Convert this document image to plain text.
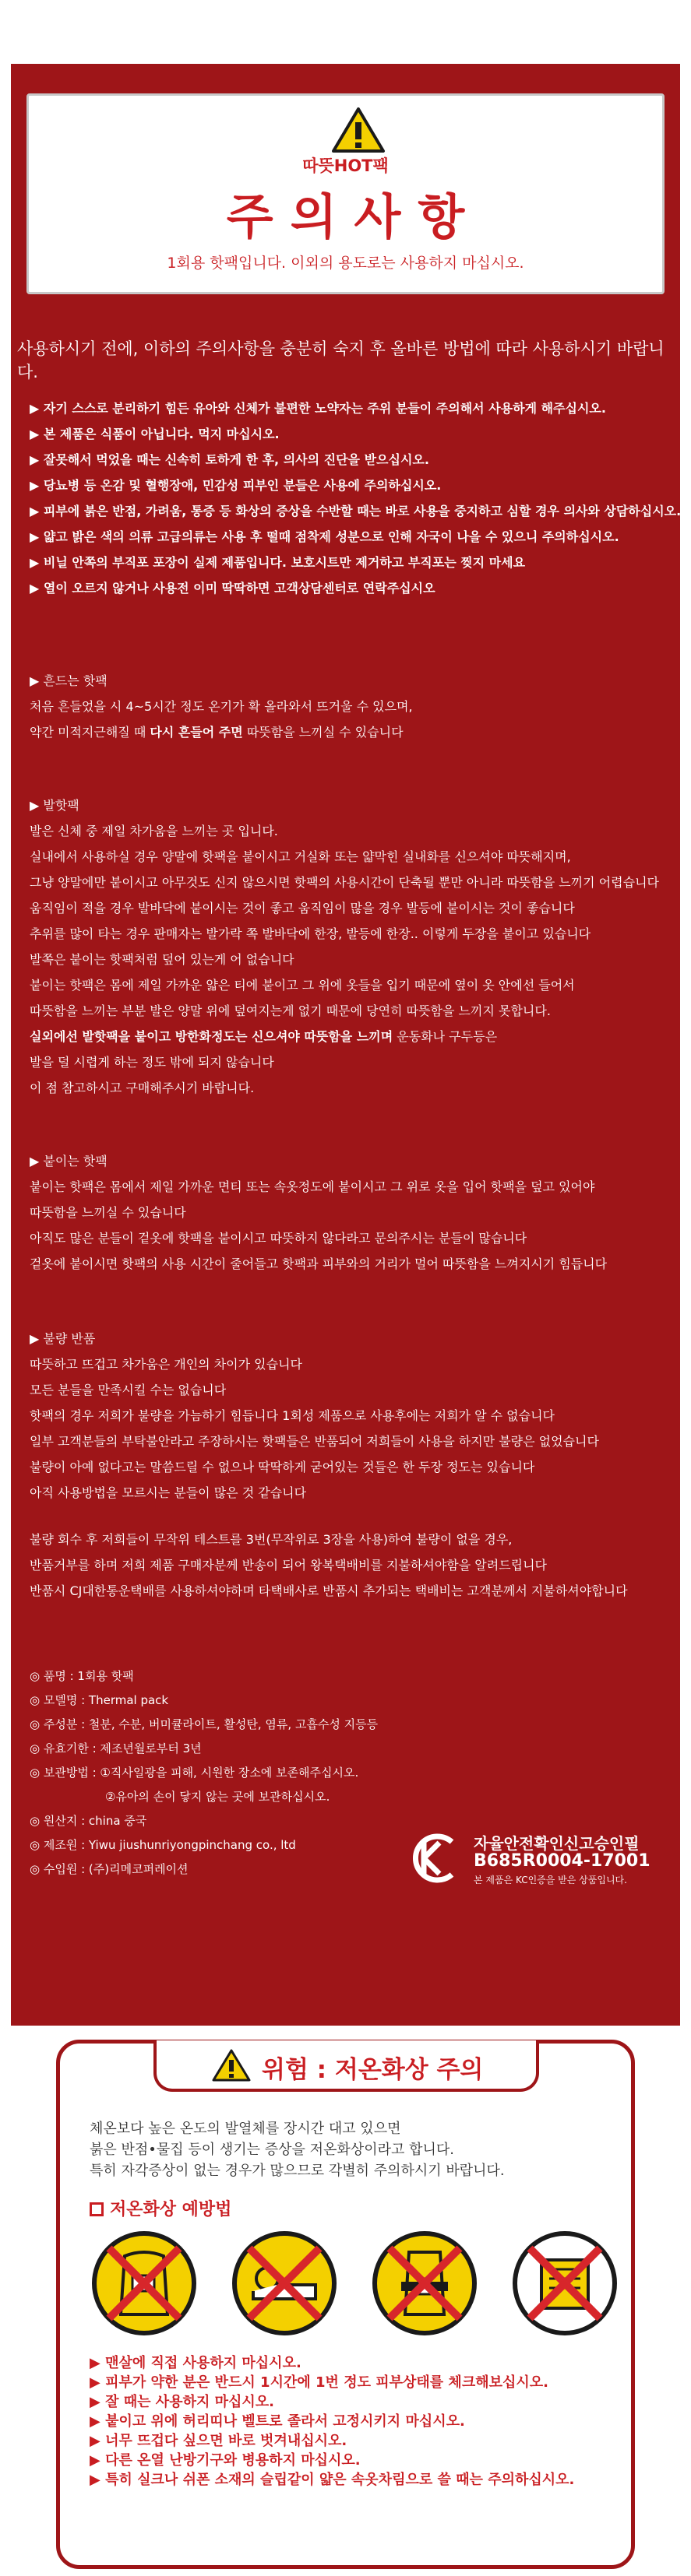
따뜻HOT팩
주의사항
1회용 핫팩입니다. 이외의 용도로는 사용하지 마십시오.
사용하시기 전에, 이하의 주의사항을 충분히 숙지 후 올바른 방법에 따라 사용하시기 바랍니다.

▶ 자기 스스로 분리하기 힘든 유아와 신체가 불편한 노약자는 주위 분들이 주의해서 사용하게 해주십시오.

▶ 본 제품은 식품이 아닙니다. 먹지 마십시오.

▶ 잘못해서 먹었을 때는 신속히 토하게 한 후, 의사의 진단을 받으십시오.

▶ 당뇨병 등 온감 및 혈행장애, 민감성 피부인 분들은 사용에 주의하십시오.

▶ 피부에 붉은 반점, 가려움, 통증 등 화상의 증상을 수반할 때는 바로 사용을 중지하고 심할 경우 의사와 상담하십시오.

▶ 얇고 밝은 색의 의류 고급의류는 사용 후 떨때 점착제 성분으로 인해 자국이 나을 수 있으니 주의하십시오.

▶ 비닐 안쪽의 부직포 포장이 실제 제품입니다. 보호시트만 제거하고 부직포는 찢지 마세요

▶ 열이 오르지 않거나 사용전 이미 딱딱하면 고객상담센터로 연락주십시오

▶ 흔드는 핫팩

처음 흔들었을 시 4~5시간 정도 온기가 확 올라와서 뜨거울 수 있으며,

약간 미적지근해질 때 다시 흔들어 주면 따뜻함을 느끼실 수 있습니다

▶ 발핫팩

발은 신체 중 제일 차가움을 느끼는 곳 입니다.

실내에서 사용하실 경우 양말에 핫팩을 붙이시고 거실화 또는 얇막힌 실내화를 신으셔야 따뜻해지며,

그냥 양말에만 붙이시고 아무것도 신지 않으시면 핫팩의 사용시간이 단축될 뿐만 아니라 따뜻함을 느끼기 어렵습니다

움직임이 적을 경우 발바닥에 붙이시는 것이 좋고 움직임이 많을 경우 발등에 붙이시는 것이 좋습니다

추위를 많이 타는 경우 판매자는 발가락 쪽 발바닥에 한장, 발등에 한장.. 이렇게 두장을 붙이고 있습니다

발쪽은 붙이는 핫팩처럼 덮어 있는게 어 없습니다

붙이는 핫팩은 몸에 제일 가까운 얇은 티에 붙이고 그 위에 옷들을 입기 때문에 옆이 옷 안에선 들어서

따뜻함을 느끼는 부분 발은 양말 위에 덮여지는게 없기 때문에 당연히 따뜻함을 느끼지 못합니다.

실외에선 발핫팩을 붙이고 방한화정도는 신으셔야 따뜻함을 느끼며 운동화나 구두등은

발을 덜 시렵게 하는 정도 밖에 되지 않습니다

이 점 참고하시고 구매해주시기 바랍니다.

▶ 붙이는 핫팩

붙이는 핫팩은 몸에서 제일 가까운 면티 또는 속옷정도에 붙이시고 그 위로 옷을 입어 핫팩을 덮고 있어야

따뜻함을 느끼실 수 있습니다

아직도 많은 분들이 겉옷에 핫팩을 붙이시고 따뜻하지 않다라고 문의주시는 분들이 많습니다

겉옷에 붙이시면 핫팩의 사용 시간이 줄어들고 핫팩과 피부와의 거리가 멀어 따뜻함을 느껴지시기 힘듭니다

▶ 불량 반품

따뜻하고 뜨겁고 차가움은 개인의 차이가 있습니다

모든 분들을 만족시킬 수는 없습니다

핫팩의 경우 저희가 불량을 가늠하기 힘듭니다 1회성 제품으로 사용후에는 저희가 알 수 없습니다

일부 고객분들의 부탁불안라고 주장하시는 핫팩들은 반품되어 저희들이 사용을 하지만 불량은 없었습니다

불량이 아예 없다고는 말씀드릴 수 없으나 딱딱하게 굳어있는 것들은 한 두장 정도는 있습니다

아직 사용방법을 모르시는 분들이 많은 것 같습니다

불량 회수 후 저희들이 무작위 테스트를 3번(무작위로 3장을 사용)하여 불량이 없을 경우,

반품거부를 하며 저희 제품 구매자분께 반송이 되어 왕복택배비를 지불하셔야함을 알려드립니다

반품시 CJ대한통운택배를 사용하셔야하며 타택배사로 반품시 추가되는 택배비는 고객분께서 지불하셔야합니다

◎ 품명 : 1회용 핫팩

◎ 모델명 : Thermal pack

◎ 주성분 : 철분, 수분, 버미큘라이트, 활성탄, 염류, 고흡수성 지등등

◎ 유효기한 : 제조년월로부터 3년

◎ 보관방법 : ①직사일광을 피해, 시원한 장소에 보존해주십시오.

②유아의 손이 닿지 않는 곳에 보관하십시오.

◎ 원산지 : china 중국

◎ 제조원 : Yiwu jiushunriyongpinchang co., ltd

◎ 수입원 : (주)리메코퍼레이션

자율안전확인신고승인필
B685R0004-17001
본 제품은 KC인증을 받은 상품입니다.
위험 : 저온화상 주의

체온보다 높은 온도의 발열체를 장시간 대고 있으면

붉은 반점•물집 등이 생기는 증상을 저온화상이라고 합니다.

특히 자각증상이 없는 경우가 많으므로 각별히 주의하시기 바랍니다.

저온화상 예방법

▶ 맨살에 직접 사용하지 마십시오.

▶ 피부가 약한 분은 반드시 1시간에 1번 정도 피부상태를 체크해보십시오.

▶ 잘 때는 사용하지 마십시오.

▶ 붙이고 위에 허리띠나 벨트로 졸라서 고정시키지 마십시오.

▶ 너무 뜨겁다 싶으면 바로 벗겨내십시오.

▶ 다른 온열 난방기구와 병용하지 마십시오.

▶ 특히 실크나 쉬폰 소재의 슬립같이 얇은 속옷차림으로 쓸 때는 주의하십시오.
